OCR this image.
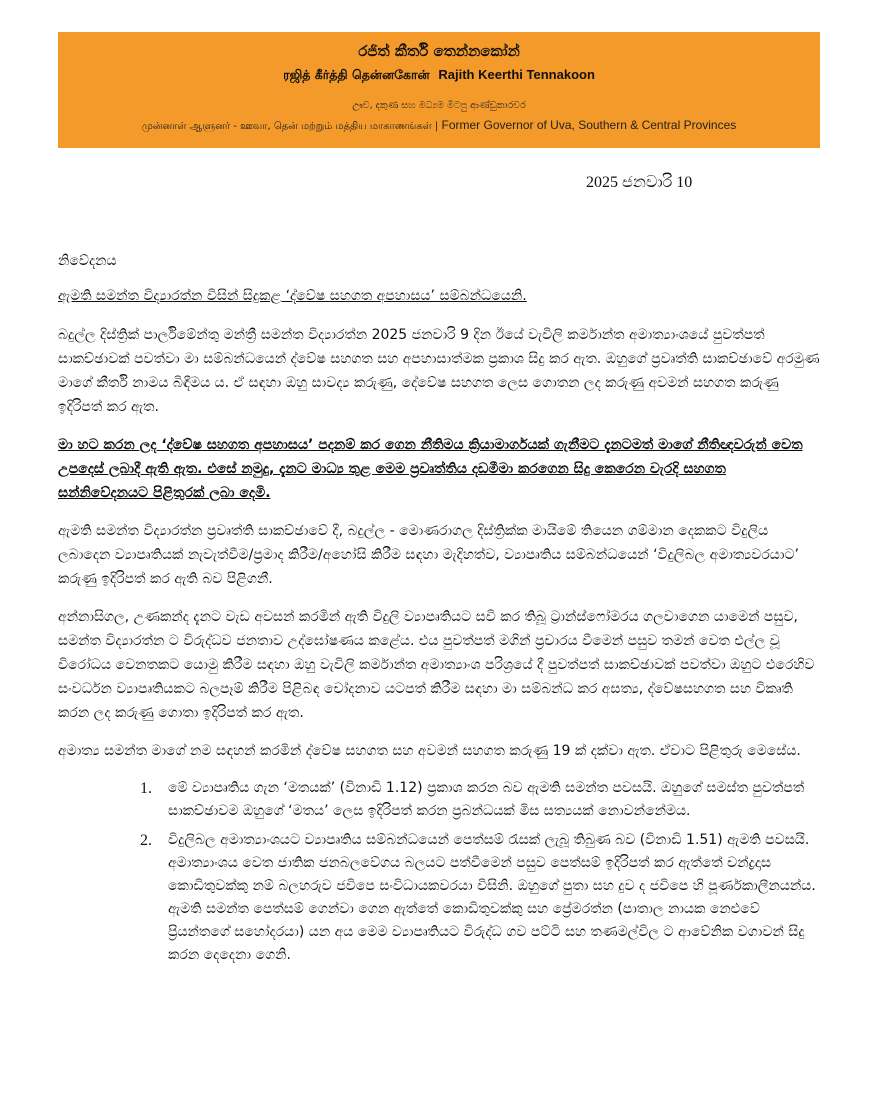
රජිත් කීර්ති තෙන්නකෝන්
ரஜித் கீர்த்தி தென்னகோன் Rajith Keerthi Tennakoon
ඌව, දකුණ සහ මධ්‍යම මිටපු ආණ්ඩුකාරවර
முன்னாள் ஆளுனர் - ஊவா, தென் மற்றும் மத்திய மாகாணங்கள் | Former Governor of Uva, Southern & Central Provinces
2025 ජනවාරි 10
නිවේදනය
ඇමති සමන්ත විද්‍යාරත්න විසින් සිදුකළ ‘ද්වේෂ සහගත අපහාසය’ සම්බන්ධයෙනි.

බදුල්ල දිස්ත්‍රික් පාර්ලිමේන්තු මන්ත්‍රී සමන්ත විද්‍යාරත්න 2025 ජනවාරි 9 දින ඊයේ වැවිලි කර්මාන්ත අමාත්‍යාංශයේ පුවත්පත් සාකච්ඡාවක් පවත්වා මා සම්බන්ධයෙන් ද්වේෂ සහගත සහ අපහාසාත්මක ප්‍රකාශ සිදු කර ඇත. ඔහුගේ ප්‍රවෘත්ති සාකච්ඡාවේ අරමුණ මාගේ කීර්ති නාමය බිඳීමය ය. ඒ සඳහා ඔහු සාවද්‍ය කරුණු, දේවේෂ සහගත ලෙස ගොතන ලද කරුණු අවමන් සහගත කරුණු ඉදිරිපත් කර ඇත.

මා හට කරන ලද ‘ද්වේෂ සහගත අපහාසය’ පදනම් කර ගෙන නීතිමය ක්‍රියාමාර්ගයක් ගැනීමට දැනටමත් මාගේ නීතිඥවරුන් වෙත උපදෙස් ලබාදී ඇති ඇත. එසේ නමුදු, දැනට මාධ්‍ය තුළ මෙම ප්‍රවෘත්තිය දඩමීමා කරගෙන සිදු කෙරෙන වැරදි සහගත සන්නිවේදනයට පිළිතුරක් ලබා දෙමි.

ඇමති සමන්ත විද්‍යාරත්න ප්‍රවෘත්ති සාකච්ඡාවේ දී, බදුල්ල - මොණරාගල දිස්ත්‍රික්ක මායිමේ තියෙන ගම්මාන දෙකකට විදුලිය ලබාදෙන ව්‍යාපෘතියක් නැවැත්වීම/ප්‍රමාද කිරීම/අහෝසි කිරීම සඳහා මැදිහත්ව, ව්‍යාපෘතිය සම්බන්ධයෙන් ‘විදුලිබල අමාත්‍යවරයාට’ කරුණු ඉදිරිපත් කර ඇති බව පිළිගනී.

අන්නාසිගල, උණකන්ද දැනට වැඩ අවසන් කරමින් ඇති විදුලි ව්‍යාපෘතියට සවි කර තිබූ ට්‍රාන්ස්ෆෝමරය ගලවාගෙන යාමෙන් පසුව, සමන්ත විද්‍යාරත්න ට විරුද්ධව ජනතාව උද්ඝෝෂණය කළේය. එය පුවත්පත් මගින් ප්‍රචාරය වීමෙන් පසුව තමන් වෙත එල්ල වූ විරෝධය වෙනතකට යොමු කිරීම සඳහා ඔහු වැවිලි කර්මාන්ත අමාත්‍යාංශ පරිශ්‍රයේ දී පුවත්පත් සාකච්ඡාවක් පවත්වා ඔහුට එරෙහිව සංවර්ධන ව්‍යාපෘතියකට බලපෑම් කිරීම පිළිබඳ චෝදනාව යටපත් කිරීම සඳහා මා සම්බන්ධ කර අසත්‍ය, ද්වේෂසහගත සහ විකෘති කරන ලද කරුණු ගොතා ඉදිරිපත් කර ඇත.

අමාත්‍ය සමන්ත මාගේ නම සඳහන් කරමින් ද්වේෂ සහගත සහ අවමන් සහගත කරුණු 19 ක් දක්වා ඇත. ඒවාට පිළිතුරු මෙසේය.

1. මේ ව්‍යාපෘතිය ගැන ‘මතයක්’ (විනාඩි 1.12) ප්‍රකාශ කරන බව ඇමති සමන්ත පවසයි. ඔහුගේ සමස්ත පුවත්පත් සාකච්ඡාවම ඔහුගේ ‘මතය’ ලෙස ඉදිරිපත් කරන ප්‍රබන්ධයක් මිස සත්‍යයක් නොවන්නේමය.
2. විදුලිබල අමාත්‍යාංශයට ව්‍යාපෘතිය සම්බන්ධයෙන් පෙත්සම් රැසක් ලැබූ තිබුණ බව (විනාඩි 1.51) ඇමති පවසයි. අමාත්‍යාංශය වෙත ජාතික ජනබලවේගය බලයට පත්වීමෙන් පසුව පෙත්සම් ඉදිරිපත් කර ඇත්තේ චන්ද්‍රදාස කොඩිතුවක්කු නම් බලහරුව ජවිපෙ සංවිධායකවරයා විසිනි. ඔහුගේ පුතා සහ දුව ද ජවිපෙ හි පූර්ණකාලීනයන්ය. ඇමති සමන්ත පෙත්සම් ගෙන්වා ගෙන ඇත්තේ කොඩිතුවක්කු සහ ප්‍රේමරත්න (පාතාල නායක නෙළුවේ ප්‍රියන්තගේ සහෝදරයා) යන අය මෙම ව්‍යාපෘතියට විරුද්ධ ගව පට්ටි සහ තණමල්විල ට ආවේනික වගාවන් සිදු කරන දෙදෙනා ගෙනි.
